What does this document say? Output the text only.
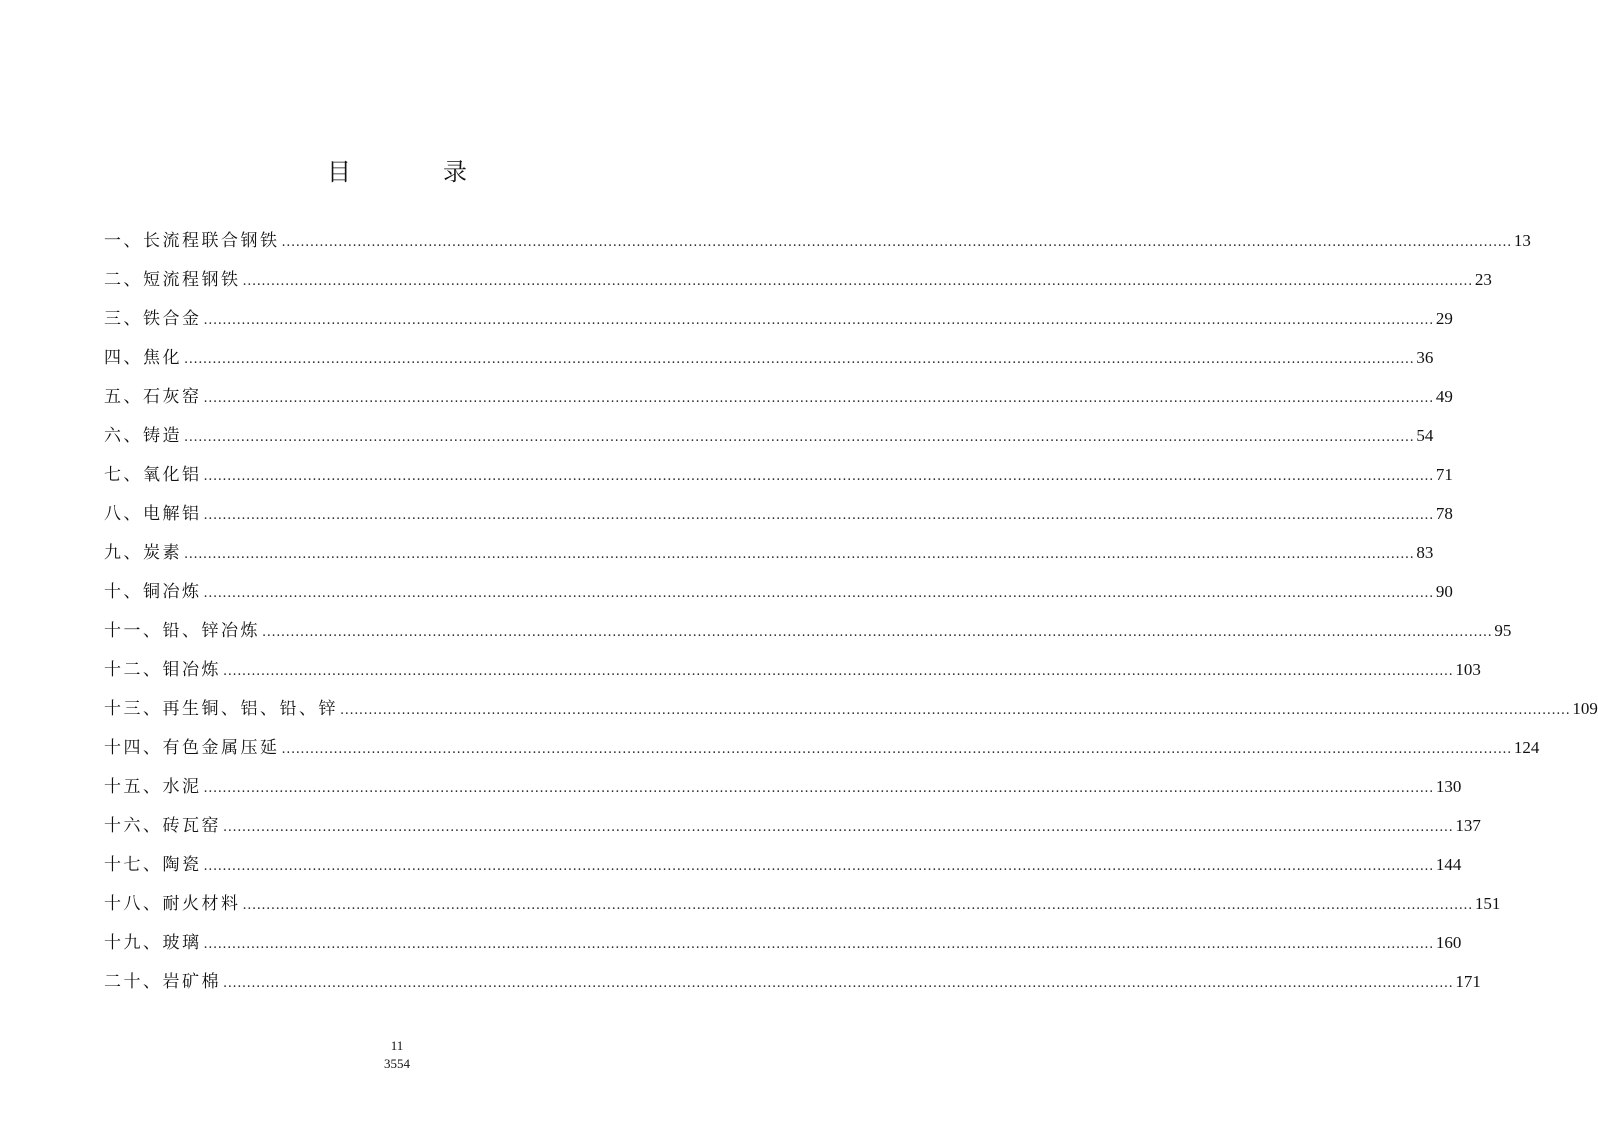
目　录
一、长流程联合钢铁 .................................................................................................................................................................................................................................................................... 13
二、短流程钢铁 .................................................................................................................................................................................................................................................................... 23
三、铁合金 .................................................................................................................................................................................................................................................................... 29
四、焦化 .................................................................................................................................................................................................................................................................... 36
五、石灰窑 .................................................................................................................................................................................................................................................................... 49
六、铸造 .................................................................................................................................................................................................................................................................... 54
七、氧化铝 .................................................................................................................................................................................................................................................................... 71
八、电解铝 .................................................................................................................................................................................................................................................................... 78
九、炭素 .................................................................................................................................................................................................................................................................... 83
十、铜冶炼 .................................................................................................................................................................................................................................................................... 90
十一、铅、锌冶炼 .................................................................................................................................................................................................................................................................... 95
十二、钼冶炼 .................................................................................................................................................................................................................................................................... 103
十三、再生铜、铝、铅、锌 .................................................................................................................................................................................................................................................................... 109
十四、有色金属压延 .................................................................................................................................................................................................................................................................... 124
十五、水泥 .................................................................................................................................................................................................................................................................... 130
十六、砖瓦窑 .................................................................................................................................................................................................................................................................... 137
十七、陶瓷 .................................................................................................................................................................................................................................................................... 144
十八、耐火材料 .................................................................................................................................................................................................................................................................... 151
十九、玻璃 .................................................................................................................................................................................................................................................................... 160
二十、岩矿棉 .................................................................................................................................................................................................................................................................... 171
11
3554
